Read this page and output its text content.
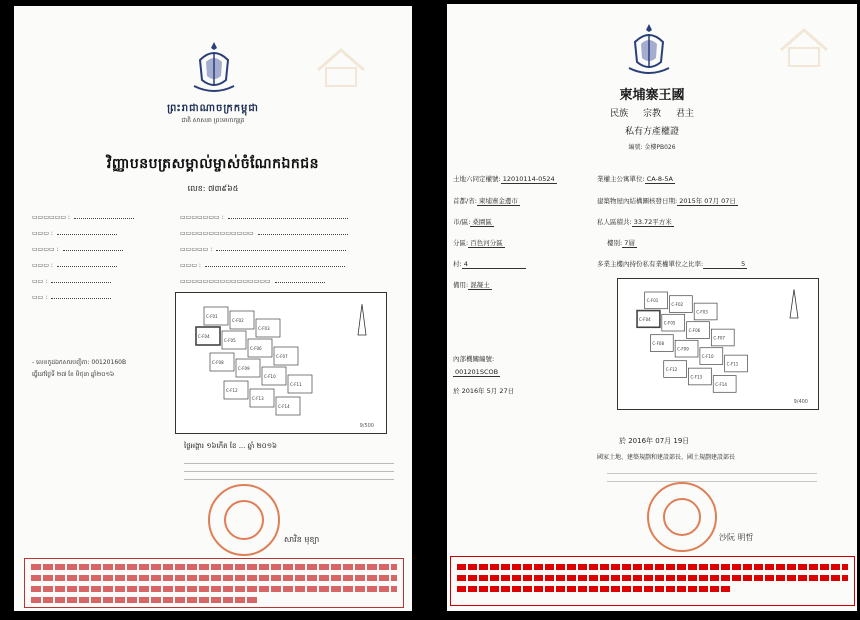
ព្រះរាជាណាចក្រកម្ពុជា
ជាតិ សាសនា ព្រះមហាក្សត្រ
វិញ្ញាបនបត្រសម្គាល់ម្ចាស់ចំណែកឯកជន
លេខ: ៧៣៩៦៥
▭▭▭▭▭▭ :
▭▭▭ :
▭▭▭▭ :
▭▭▭ :
▭▭ :
▭▭ :
▭▭▭▭▭▭▭ :
▭▭▭▭▭▭▭▭▭▭▭▭▭
▭▭▭▭▭ :
▭▭▭ :
▭▭▭▭▭▭▭▭▭▭▭▭▭▭▭▭
C-F01
C-F02
C-F03
C-F04
C-F05
C-F06
C-F07
C-F08
C-F09
C-F10
C-F11
C-F12
C-F13
C-F14
9/500
- លេខកូដឯកសារបញ្ជិកា: 00120160B
ធ្វើនៅថ្ងៃទី ២៧ ខែ មិថុនា ឆ្នាំ២០១៦
ថ្ងៃអង្គារ ១៦កើត ខែ ... ឆ្នាំ ២០១៦
សាវិន មុខ្យា
柬埔寨王國
民族 宗教 君主
私有方產權證
編號: 金樓PB026
土地六同定權號: 12010114-0524
首都/省: 柬埔寨金邊市
市/區: 桑園區
分區: 百色河分區
村: 4
備用: 混凝土
業權主公寓單位: CA-8-5A
建築物屋內結構圖核發日期: 2015年 07月 07日
私人區積共: 33.72平方米
樓別: 7層
多業主樓內持份私有業權單位之比率:	5
C-F01
C-F02
C-F03
C-F04
C-F05
C-F06
C-F07
C-F08
C-F09
C-F10
C-F11
C-F12
C-F13
C-F14
9/400
內部機關編號:
001201SCOB
於 2016年 5月 27日
於 2016年 07月 19日
國家土地、建築規劃和建設部長、國土規劃建設部長
沙阮 明哲
